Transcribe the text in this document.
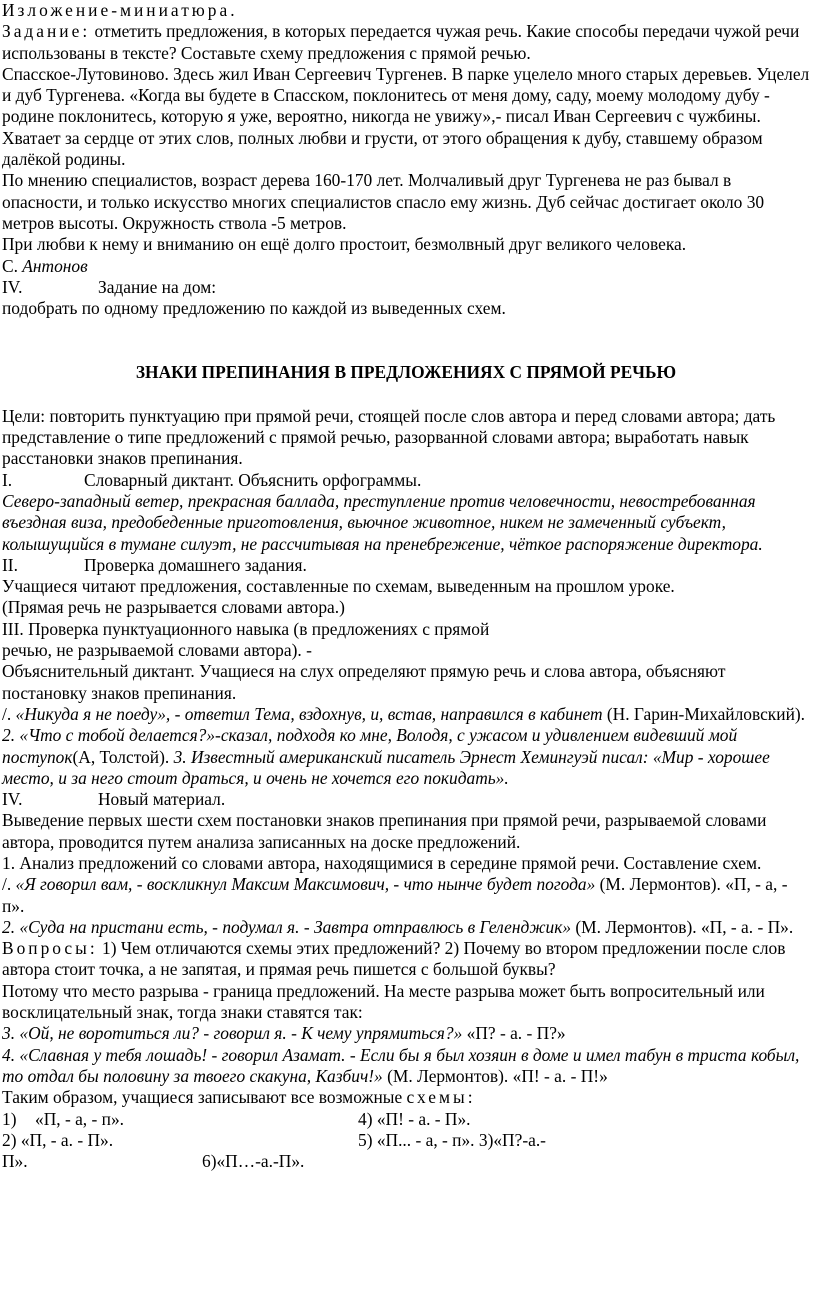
Изложение-миниатюра.

Задание: отметить предложения, в которых передается чужая речь. Какие способы передачи чужой речи использованы в тексте? Составьте схему предложения с прямой речью.

Спасское-Лутовиново. Здесь жил Иван Сергеевич Тургенев. В парке уцелело много старых деревьев. Уцелел и дуб Тургенева. «Когда вы будете в Спасском, поклонитесь от меня дому, саду, моему молодому дубу - родине поклонитесь, которую я уже, вероятно, никогда не увижу»,- писал Иван Сергеевич с чужбины. Хватает за сердце от этих слов, полных любви и грусти, от этого обращения к дубу, ставшему образом далёкой родины.

По мнению специалистов, возраст дерева 160-170 лет. Молчаливый друг Тургенева не раз бывал в опасности, и только искусство многих специалистов спасло ему жизнь. Дуб сейчас достигает около 30 метров высоты. Окружность ствола -5 метров.

При любви к нему и вниманию он ещё долго простоит, безмолвный друг великого человека.

С. Антонов

IV.	Задание на дом:

подобрать по одному предложению по каждой из выведенных схем.

ЗНАКИ ПРЕПИНАНИЯ В ПРЕДЛОЖЕНИЯХ С ПРЯМОЙ РЕЧЬЮ

Цели: повторить пунктуацию при прямой речи, стоящей после слов автора и перед словами автора; дать представление о типе предложений с прямой речью, разорванной словами автора; выработать навык расстановки знаков препинания.

I.	Словарный диктант. Объяснить орфограммы.

Северо-западный ветер, прекрасная баллада, преступление против человечности, невостребованная въездная виза, предобеденные приготовления, вьючное животное, никем не замеченный субъект, колышущийся в тумане силуэт, не рассчитывая на пренебрежение, чёткое распоряжение директора.

II.	Проверка домашнего задания.

Учащиеся читают предложения, составленные по схемам, выведенным на прошлом уроке.

(Прямая речь не разрывается словами автора.)

III. Проверка пунктуационного навыка (в предложениях с прямой

речью, не разрываемой словами автора). -

Объяснительный диктант. Учащиеся на слух определяют прямую речь и слова автора, объясняют постановку знаков препинания.

/. «Никуда я не поеду», - ответил Тема, вздохнув, и, встав, направился в кабинет (Н. Гарин-Михайловский). 2. «Что с тобой делается?»-сказал, подходя ко мне, Володя, с ужасом и удивлением видевший мой поступок(А, Толстой). 3. Известный американский писатель Эрнест Хемингуэй писал: «Мир - хорошее место, и за него стоит драться, и очень не хочется его покидать».

IV.	Новый материал.

Выведение первых шести схем постановки знаков препинания при прямой речи, разрываемой словами автора, проводится путем анализа записанных на доске предложений.

1. Анализ предложений со словами автора, находящимися в середине прямой речи. Составление схем.

/. «Я говорил вам, - воскликнул Максим Максимович, - что нынче будет погода» (М. Лермонтов). «П, - а, - п».

2. «Суда на пристани есть, - подумал я. - Завтра отправлюсь в Геленджик» (М. Лермонтов). «П, - а. - П».

Вопросы: 1) Чем отличаются схемы этих предложений? 2) Почему во втором предложении после слов автора стоит точка, а не запятая, и прямая речь пишется с большой буквы?

Потому что место разрыва - граница предложений. На месте разрыва может быть вопросительный или восклицательный знак, тогда знаки ставятся так:

3. «Ой, не воротиться ли? - говорил я. - К чему упрямиться?» «П? - а. - П?»

4. «Славная у тебя лошадь! - говорил Азамат. - Если бы я был хозяин в доме и имел табун в триста кобыл, то отдал бы половину за твоего скакуна, Казбич!» (М. Лермонтов). «П! - а. - П!»

Таким образом, учащиеся записывают все возможные схемы:

1) «П, - а, - п».	4) «П! - а. - П».
2) «П, - а. - П».	5) «П... - а, - п». 3)«П?-а.-
П».	6)«П…-а.-П».
